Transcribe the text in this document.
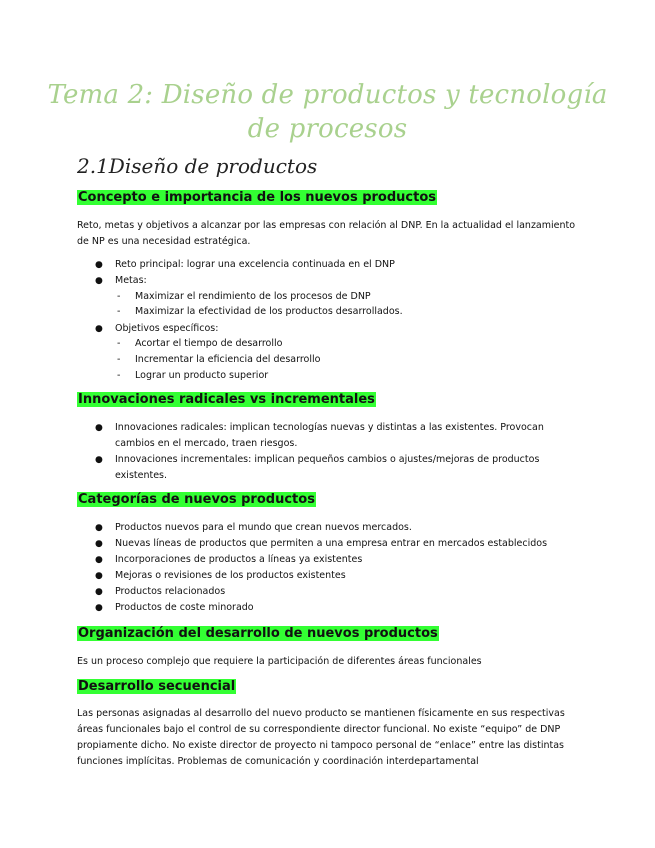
Tema 2: Diseño de productos y tecnología de procesos
2.1Diseño de productos
Concepto e importancia de los nuevos productos
Reto, metas y objetivos a alcanzar por las empresas con relación al DNP. En la actualidad el lanzamiento
de NP es una necesidad estratégica.
● Reto principal: lograr una excelencia continuada en el DNP
● Metas:
- Maximizar el rendimiento de los procesos de DNP
- Maximizar la efectividad de los productos desarrollados.
● Objetivos específicos:
- Acortar el tiempo de desarrollo
- Incrementar la eficiencia del desarrollo
- Lograr un producto superior
Innovaciones radicales vs incrementales
● Innovaciones radicales: implican tecnologías nuevas y distintas a las existentes. Provocan
cambios en el mercado, traen riesgos.
● Innovaciones incrementales: implican pequeños cambios o ajustes/mejoras de productos
existentes.
Categorías de nuevos productos
● Productos nuevos para el mundo que crean nuevos mercados.
● Nuevas líneas de productos que permiten a una empresa entrar en mercados establecidos
● Incorporaciones de productos a líneas ya existentes
● Mejoras o revisiones de los productos existentes
● Productos relacionados
● Productos de coste minorado
Organización del desarrollo de nuevos productos
Es un proceso complejo que requiere la participación de diferentes áreas funcionales
Desarrollo secuencial
Las personas asignadas al desarrollo del nuevo producto se mantienen físicamente en sus respectivas
áreas funcionales bajo el control de su correspondiente director funcional. No existe “equipo” de DNP
propiamente dicho. No existe director de proyecto ni tampoco personal de “enlace” entre las distintas
funciones implícitas. Problemas de comunicación y coordinación interdepartamental
